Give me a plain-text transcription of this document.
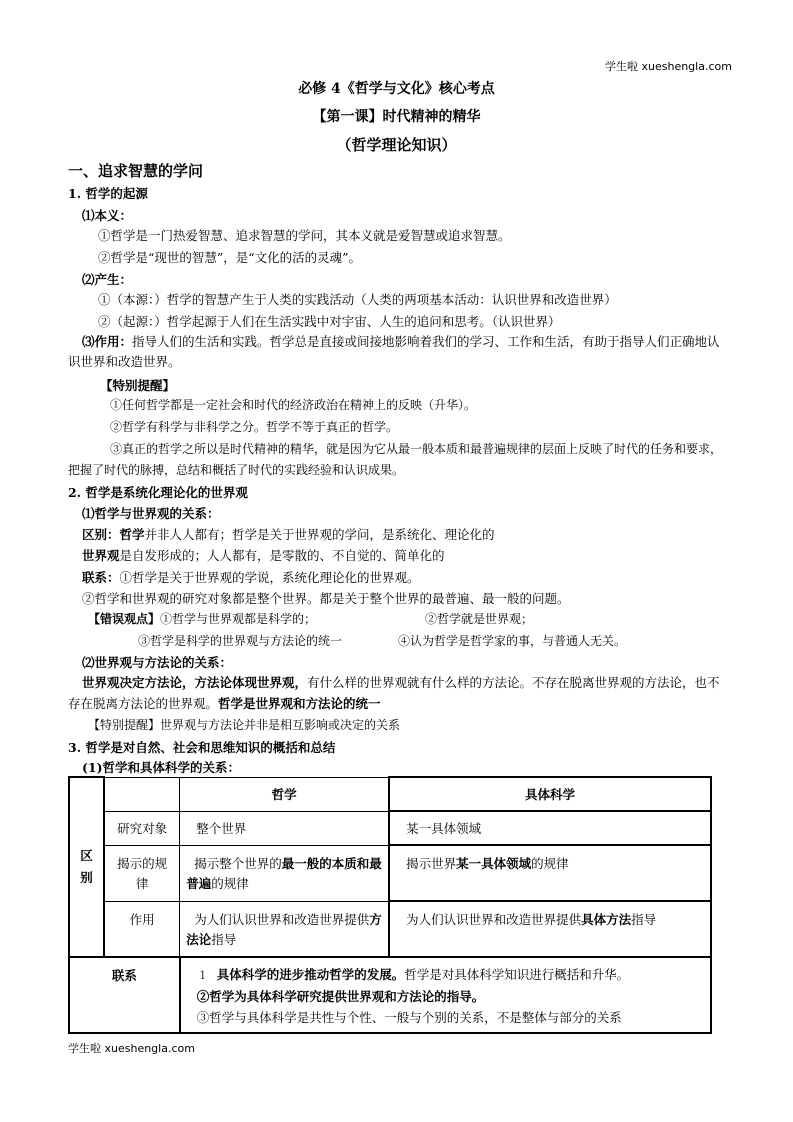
学生啦 xueshengla.com
学生啦 xueshengla.com
必修 4《哲学与文化》核心考点
【第一课】时代精神的精华
（哲学理论知识）
一、追求智慧的学问
1. 哲学的起源
⑴本义：
①哲学是一门热爱智慧、追求智慧的学问，其本义就是爱智慧或追求智慧。
②哲学是“现世的智慧”，是“文化的活的灵魂”。
⑵产生：
①（本源：）哲学的智慧产生于人类的实践活动（人类的两项基本活动：认识世界和改造世界）
②（起源：）哲学起源于人们在生活实践中对宇宙、人生的追问和思考。（认识世界）
⑶作用：指导人们的生活和实践。哲学总是直接或间接地影响着我们的学习、工作和生活，有助于指导人们正确地认识世界和改造世界。
【特别提醒】
①任何哲学都是一定社会和时代的经济政治在精神上的反映（升华）。
②哲学有科学与非科学之分。哲学不等于真正的哲学。
③真正的哲学之所以是时代精神的精华，就是因为它从最一般本质和最普遍规律的层面上反映了时代的任务和要求，把握了时代的脉搏，总结和概括了时代的实践经验和认识成果。
2. 哲学是系统化理论化的世界观
⑴哲学与世界观的关系：
区别：哲学并非人人都有；哲学是关于世界观的学问，是系统化、理论化的
世界观是自发形成的；人人都有，是零散的、不自觉的、简单化的
联系：①哲学是关于世界观的学说，系统化理论化的世界观。
②哲学和世界观的研究对象都是整个世界。都是关于整个世界的最普遍、最一般的问题。
【错误观点】①哲学与世界观都是科学的；	②哲学就是世界观；
③哲学是科学的世界观与方法论的统一	④认为哲学是哲学家的事，与普通人无关。
⑵世界观与方法论的关系：
世界观决定方法论，方法论体现世界观，有什么样的世界观就有什么样的方法论。不存在脱离世界观的方法论，也不存在脱离方法论的世界观。哲学是世界观和方法论的统一
【特别提醒】世界观与方法论并非是相互影响或决定的关系
3. 哲学是对自然、社会和思维知识的概括和总结
(1)哲学和具体科学的关系：
区别		哲学	具体科学
	研究对象	整个世界	某一具体领域
	揭示的规律	揭示整个世界的最一般的本质和最普遍的规律	揭示世界某一具体领域的规律
	作用	为人们认识世界和改造世界提供方法论指导	为人们认识世界和改造世界提供具体方法指导
联系		1 具体科学的进步推动哲学的发展。哲学是对具体科学知识进行概括和升华。
②哲学为具体科学研究提供世界观和方法论的指导。
③哲学与具体科学是共性与个性、一般与个别的关系，不是整体与部分的关系	
